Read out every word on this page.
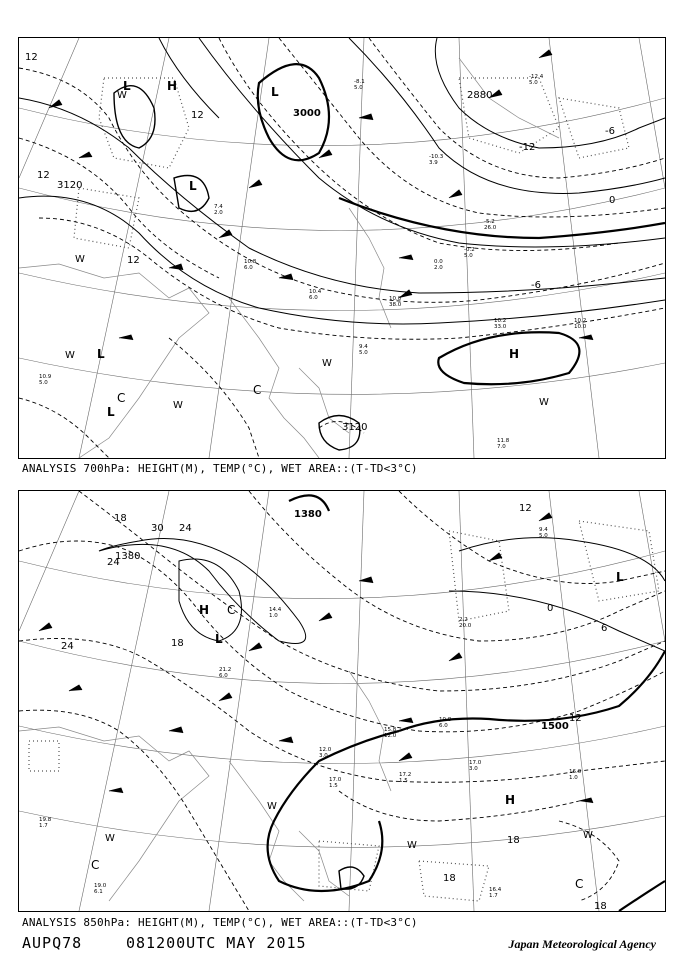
7.4
2.0
10.8
6.0
10.4
6.0	10.0
38.0
0.0
2.0
-0.2
5.0
10.2
33.0
10.2
10.0
11.8
7.0
-8.1
5.0
-10.3
3.9
-5.2
26.0
-12.4
5.0
10.9
5.0
9.4
5.0
3000
3120
2880
3120
12
12
12
12
-6
-12
0
-6
L	H	L
L
H
L
L
C
C
W
W
W
W
W
W
ANALYSIS 700hPa: HEIGHT(M), TEMP(°C), WET AREA::(T-TD<3°C)
21.2
6.0
14.4
1.0
12.0
3.0
15.8
12.0
10.8
6.0
17.0
3.0	16.0
1.0
17.0
1.5
17.2
1.5
19.8
1.7
19.0
6.1
2.2
20.0
16.4
1.7
9.4
5.0
1380
1500
1380
30 24
18
24
24	18
18
12
6
0
18
18
12
H
L
L
H
C
C
C
W
W
W
W
ANALYSIS 850hPa: HEIGHT(M), TEMP(°C), WET AREA::(T-TD<3°C)
AUPQ78	081200UTC MAY 2015	Japan Meteorological Agency
